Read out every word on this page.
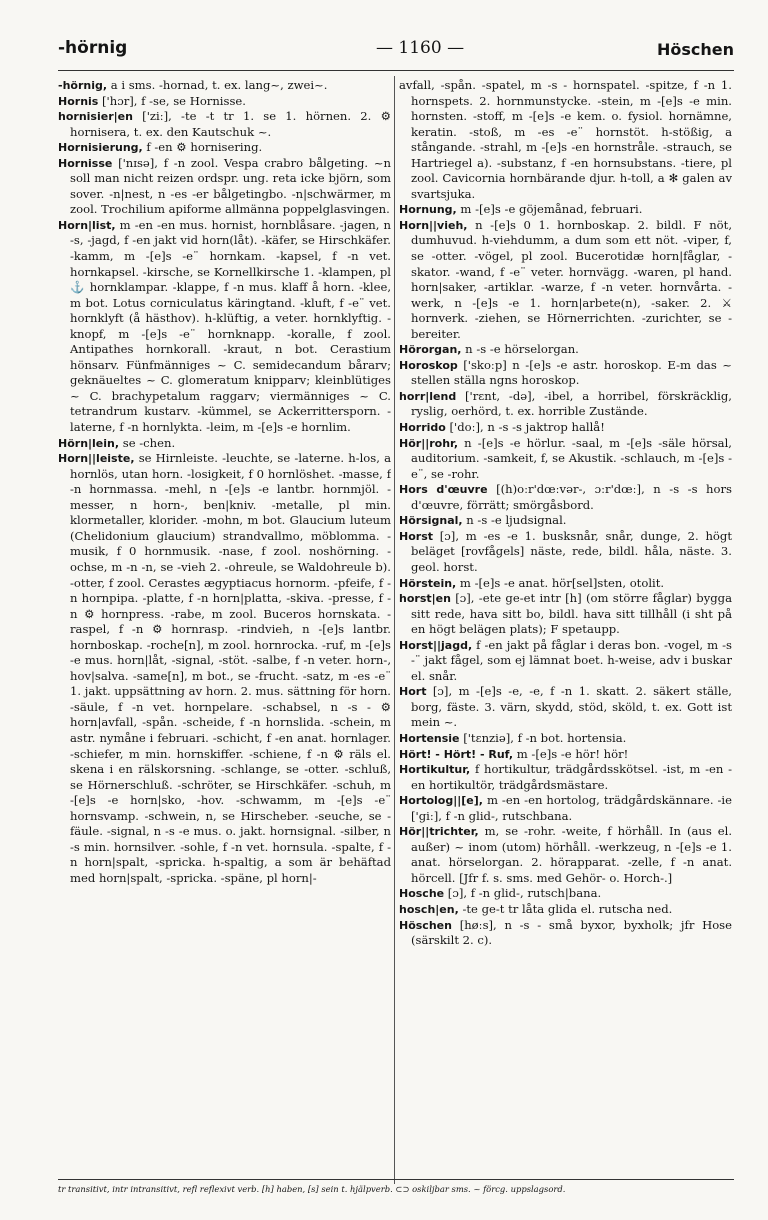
-hörnig	— 1160 —	Höschen

-hörnig, a i sms. -hornad, t. ex. lang~, zwei~.

Hornis ['hɔr], f -se, se Hornisse.

hornisier|en ['ziː], -te -t tr 1. se 1. hörnen. 2. ⚙ hornisera, t. ex. den Kautschuk ~.

Hornisierung, f -en ⚙ hornisering.

Hornisse ['nɪsə], f -n zool. Vespa crabro bålgeting. ~n soll man nicht reizen ordspr. ung. reta icke björn, som sover. -n|nest, n -es -er bålgetingbo. -n|schwärmer, m zool. Trochilium apiforme allmänna poppelglasvingen.

Horn|list, m -en -en mus. hornist, hornblåsare. -jagen, n -s, -jagd, f -en jakt vid horn(låt). -käfer, se Hirschkäfer. -kamm, m -[e]s -e¨ hornkam. -kapsel, f -n vet. hornkapsel. -kirsche, se Kornellkirsche 1. -klampen, pl ⚓ hornklampar. -klappe, f -n mus. klaff å horn. -klee, m bot. Lotus corniculatus käringtand. -kluft, f -e¨ vet. hornklyft (å hästhov). h-klüftig, a veter. hornklyftig. -knopf, m -[e]s -e¨ hornknapp. -koralle, f zool. Antipathes hornkorall. -kraut, n bot. Cerastium hönsarv. Fünfmänniges ~ C. semidecandum bårarv; geknäueltes ~ C. glomeratum knipparv; kleinblütiges ~ C. brachypetalum raggarv; viermänniges ~ C. tetrandrum kustarv. -kümmel, se Ackerrittersporn. -laterne, f -n hornlykta. -leim, m -[e]s -e hornlim.

Hörn|lein, se -chen.

Horn||leiste, se Hirnleiste. -leuchte, se -laterne. h-los, a hornlös, utan horn. -losigkeit, f 0 hornlöshet. -masse, f -n hornmassa. -mehl, n -[e]s -e lantbr. hornmjöl. -messer, n horn-, ben|kniv. -metalle, pl min. klormetaller, klorider. -mohn, m bot. Glaucium luteum (Chelidonium glaucium) strandvallmo, möblomma. -musik, f 0 hornmusik. -nase, f zool. noshörning. -ochse, m -n -n, se -vieh 2. -ohreule, se Waldohreule b). -otter, f zool. Cerastes ægyptiacus hornorm. -pfeife, f -n hornpipa. -platte, f -n horn|platta, -skiva. -presse, f -n ⚙ hornpress. -rabe, m zool. Buceros hornskata. -raspel, f -n ⚙ hornrasp. -rindvieh, n -[e]s lantbr. hornboskap. -roche[n], m zool. hornrocka. -ruf, m -[e]s -e mus. horn|låt, -signal, -stöt. -salbe, f -n veter. horn-, hov|salva. -same[n], m bot., se -frucht. -satz, m -es -e¨ 1. jakt. uppsättning av horn. 2. mus. sättning för horn. -säule, f -n vet. hornpelare. -schabsel, n -s - ⚙ horn|avfall, -spån. -scheide, f -n hornslida. -schein, m astr. nymåne i februari. -schicht, f -en anat. hornlager. -schiefer, m min. hornskiffer. -schiene, f -n ⚙ räls el. skena i en rälskorsning. -schlange, se -otter. -schluß, se Hörnerschluß. -schröter, se Hirschkäfer. -schuh, m -[e]s -e horn|sko, -hov. -schwamm, m -[e]s -e¨ hornsvamp. -schwein, n, se Hirscheber. -seuche, se -fäule. -signal, n -s -e mus. o. jakt. hornsignal. -silber, n -s min. hornsilver. -sohle, f -n vet. hornsula. -spalte, f -n horn|spalt, -spricka. h-spaltig, a som är behäftad med horn|spalt, -spricka. -späne, pl horn|-

avfall, -spån. -spatel, m -s - hornspatel. -spitze, f -n 1. hornspets. 2. hornmunstycke. -stein, m -[e]s -e min. hornsten. -stoff, m -[e]s -e kem. o. fysiol. hornämne, keratin. -stoß, m -es -e¨ hornstöt. h-stößig, a stångande. -strahl, m -[e]s -en hornstråle. -strauch, se Hartriegel a). -substanz, f -en hornsubstans. -tiere, pl zool. Cavicornia hornbärande djur. h-toll, a ✻ galen av svartsjuka.

Hornung, m -[e]s -e göjemånad, februari.

Horn||vieh, n -[e]s 0 1. hornboskap. 2. bildl. F nöt, dumhuvud. h-viehdumm, a dum som ett nöt. -viper, f, se -otter. -vögel, pl zool. Bucerotidæ horn|fåglar, -skator. -wand, f -e¨ veter. hornvägg. -waren, pl hand. horn|saker, -artiklar. -warze, f -n veter. hornvårta. -werk, n -[e]s -e 1. horn|arbete(n), -saker. 2. ⚔ hornverk. -ziehen, se Hörnerrichten. -zurichter, se -bereiter.

Hörorgan, n -s -e hörselorgan.

Horoskop ['skoːp] n -[e]s -e astr. horoskop. E-m das ~ stellen ställa ngns horoskop.

horr|lend ['rɛnt, -də], -ibel, a horribel, förskräcklig, ryslig, oerhörd, t. ex. horrible Zustände.

Horrido ['doː], n -s -s jaktrop hallå!

Hör||rohr, n -[e]s -e hörlur. -saal, m -[e]s -säle hörsal, auditorium. -samkeit, f, se Akustik. -schlauch, m -[e]s -e¨, se -rohr.

Hors d'œuvre [(h)oːr'dœːvər-, ɔːr'dœː], n -s -s hors d'œuvre, förrätt; smörgåsbord.

Hörsignal, n -s -e ljudsignal.

Horst [ɔ], m -es -e 1. busksnår, snår, dunge, 2. högt beläget [rovfågels] näste, rede, bildl. håla, näste. 3. geol. horst.

Hörstein, m -[e]s -e anat. hör[sel]sten, otolit.

horst|en [ɔ], -ete ge-et intr [h] (om större fåglar) bygga sitt rede, hava sitt bo, bildl. hava sitt tillhåll (i sht på en högt belägen plats); F spetaupp.

Horst||jagd, f -en jakt på fåglar i deras bon. -vogel, m -s -¨ jakt fågel, som ej lämnat boet. h-weise, adv i buskar el. snår.

Hort [ɔ], m -[e]s -e, -e, f -n 1. skatt. 2. säkert ställe, borg, fäste. 3. värn, skydd, stöd, sköld, t. ex. Gott ist mein ~.

Hortensie ['tɛnziə], f -n bot. hortensia.

Hört! - Hört! - Ruf, m -[e]s -e hör! hör!

Hortikultur, f hortikultur, trädgårdsskötsel. -ist, m -en -en hortikultör, trädgårdsmästare.

Hortolog||[e], m -en -en hortolog, trädgårdskännare. -ie ['giː], f -n glid-, rutschbana.

Hör||trichter, m, se -rohr. -weite, f hörhåll. In (aus el. außer) ~ inom (utom) hörhåll. -werkzeug, n -[e]s -e 1. anat. hörselorgan. 2. hörapparat. -zelle, f -n anat. hörcell. [Jfr f. s. sms. med Gehör- o. Horch-.]

Hosche [ɔ], f -n glid-, rutsch|bana.

hosch|en, -te ge-t tr låta glida el. rutscha ned.

Höschen [høːs], n -s - små byxor, byxholk; jfr Hose (särskilt 2. c).

tr transitivt, intr intransitivt, refl reflexivt verb. [h] haben, [s] sein t. hjälpverb. ⊂⊃ oskiljbar sms. ~ förcg. uppslagsord.
